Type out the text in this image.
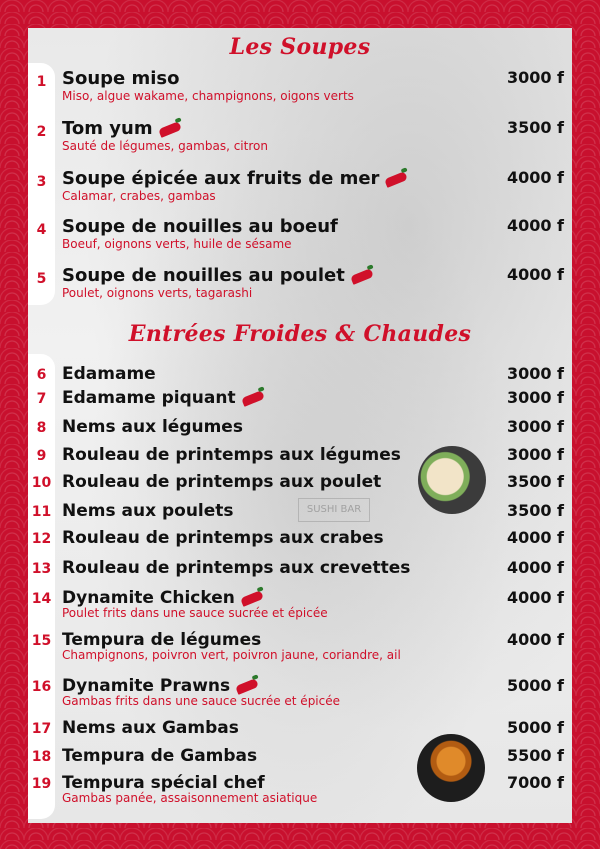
SUSHI BAR
Les Soupes
1 Soupe miso
Miso, algue wakame, champignons, oigons verts
3000 f
2 Tom yum
Sauté de légumes, gambas, citron
3500 f
3 Soupe épicée aux fruits de mer
Calamar, crabes, gambas
4000 f
4 Soupe de nouilles au boeuf
Boeuf, oignons verts, huile de sésame
4000 f
5 Soupe de nouilles au poulet
Poulet, oignons verts, tagarashi
4000 f
Entrées Froides & Chaudes
6 Edamame	3000 f
7 Edamame piquant	3000 f
8 Nems aux légumes	3000 f
9 Rouleau de printemps aux légumes	3000 f
10 Rouleau de printemps aux poulet	3500 f
11 Nems aux poulets	3500 f
12 Rouleau de printemps aux crabes	4000 f
13 Rouleau de printemps aux crevettes	4000 f
14 Dynamite Chicken
Poulet frits dans une sauce sucrée et épicée
4000 f
15 Tempura de légumes
Champignons, poivron vert, poivron jaune, coriandre, ail
4000 f
16 Dynamite Prawns
Gambas frits dans une sauce sucrée et épicée
5000 f
17 Nems aux Gambas	5000 f
18 Tempura de Gambas	5500 f
19 Tempura spécial chef
Gambas panée, assaisonnement asiatique
7000 f
